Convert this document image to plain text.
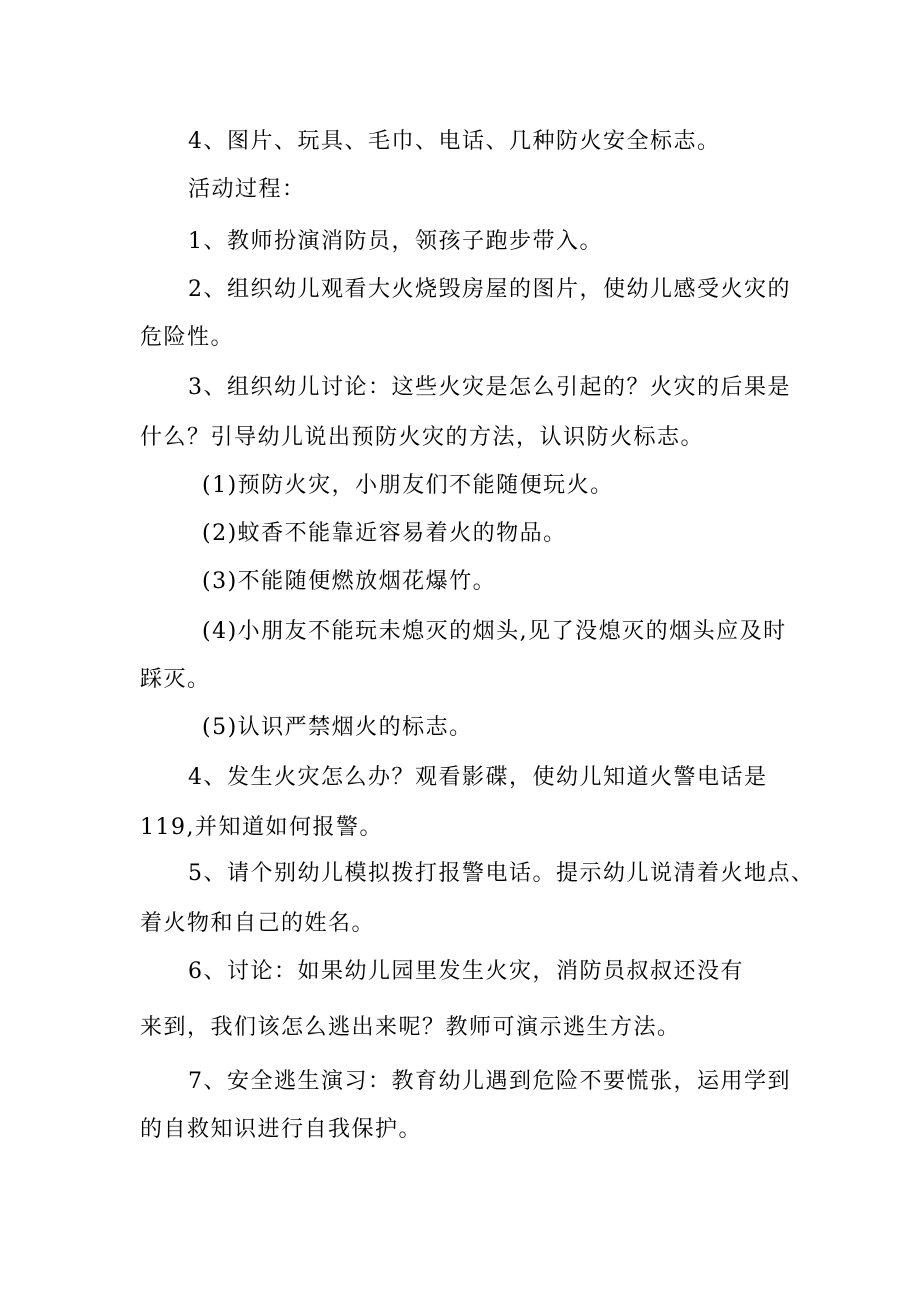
4、图片、玩具、毛巾、电话、几种防火安全标志。
活动过程：
1、教师扮演消防员，领孩子跑步带入。
2、组织幼儿观看大火烧毁房屋的图片，使幼儿感受火灾的
危险性。
3、组织幼儿讨论：这些火灾是怎么引起的？火灾的后果是
什么？引导幼儿说出预防火灾的方法，认识防火标志。
(1)预防火灾，小朋友们不能随便玩火。
(2)蚊香不能靠近容易着火的物品。
(3)不能随便燃放烟花爆竹。
(4)小朋友不能玩未熄灭的烟头,见了没熄灭的烟头应及时
踩灭。
(5)认识严禁烟火的标志。
4、发生火灾怎么办？观看影碟，使幼儿知道火警电话是
119,并知道如何报警。
5、请个别幼儿模拟拨打报警电话。提示幼儿说清着火地点、
着火物和自己的姓名。
6、讨论：如果幼儿园里发生火灾，消防员叔叔还没有
来到，我们该怎么逃出来呢？教师可演示逃生方法。
7、安全逃生演习：教育幼儿遇到危险不要慌张，运用学到
的自救知识进行自我保护。
